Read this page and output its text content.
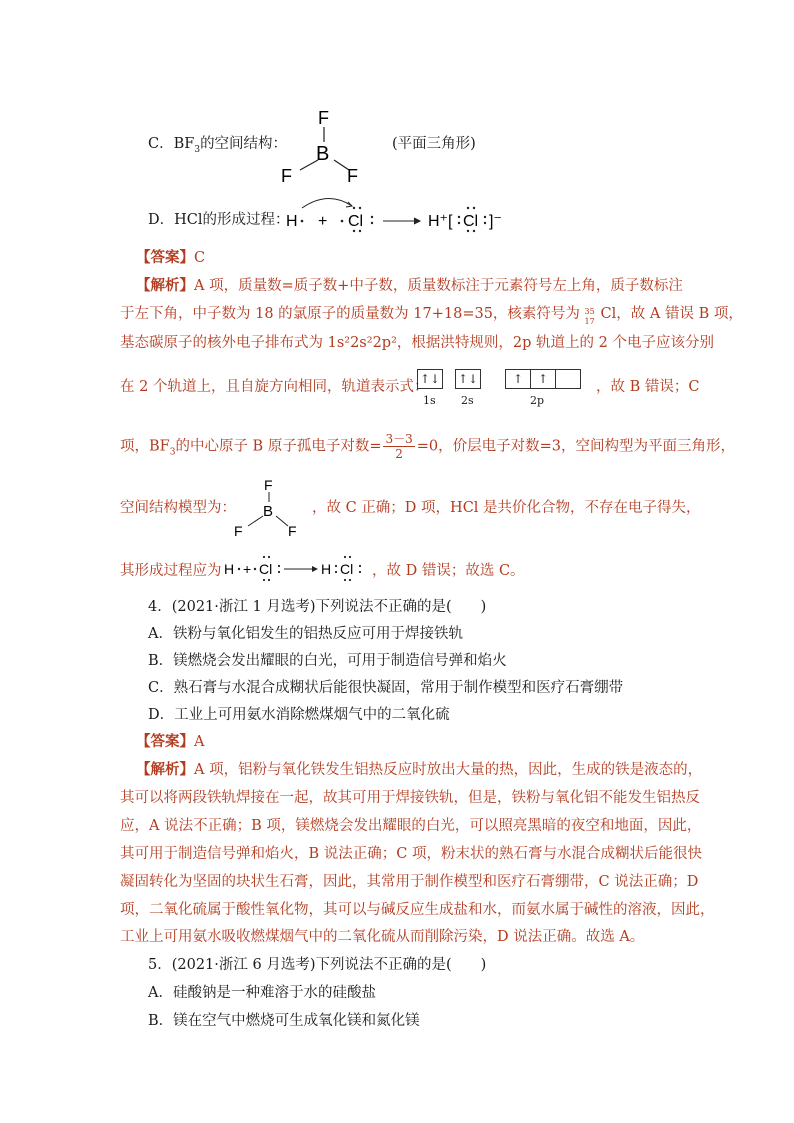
C．$BF_3$的空间结构：
F
B
F	F
(平面三角形)
D．HCl的形成过程：
H + Cl	H⁺[ Cl ]⁻
【答案】C
【解析】A 项，质量数=质子数+中子数，质量数标注于元素符号左上角，质子数标注
于左下角，中子数为 18 的氯原子的质量数为 17+18=35，核素符号为 35
17 Cl，故 A 错误 B 项，
基态碳原子的核外电子排布式为 1s²2s²2p²，根据洪特规则，2p 轨道上的 2 个电子应该分别
在 2 个轨道上，且自旋方向相同，轨道表示式：
↑↓ ↑↓	↑	↑
1s 2s	2p
，故 B 错误；C
项，$BF_3$的中心原子 B 原子孤电子对数= $\frac{3-3}{2} =0$，价层电子对数=3，空间构型为平面三角形，
空间结构模型为：
F
B
F	F
，故 C 正确；D 项，HCl 是共价化合物，不存在电子得失，
其形成过程应为 H + Cl	H Cl ，故 D 错误；故选 C。
4．(2021·浙江 1 月选考)下列说法不正确的是(　　)
A．铁粉与氧化铝发生的铝热反应可用于焊接铁轨
B．镁燃烧会发出耀眼的白光，可用于制造信号弹和焰火
C．熟石膏与水混合成糊状后能很快凝固，常用于制作模型和医疗石膏绷带
D．工业上可用氨水消除燃煤烟气中的二氧化硫
【答案】A
【解析】A 项，铝粉与氧化铁发生铝热反应时放出大量的热，因此，生成的铁是液态的，
其可以将两段铁轨焊接在一起，故其可用于焊接铁轨，但是，铁粉与氧化铝不能发生铝热反
应，A 说法不正确；B 项，镁燃烧会发出耀眼的白光，可以照亮黑暗的夜空和地面，因此，
其可用于制造信号弹和焰火，B 说法正确；C 项，粉末状的熟石膏与水混合成糊状后能很快
凝固转化为坚固的块状生石膏，因此，其常用于制作模型和医疗石膏绷带，C 说法正确；D
项，二氧化硫属于酸性氧化物，其可以与碱反应生成盐和水，而氨水属于碱性的溶液，因此，
工业上可用氨水吸收燃煤烟气中的二氧化硫从而削除污染，D 说法正确。故选 A。
5．(2021·浙江 6 月选考)下列说法不正确的是(　　)
A．硅酸钠是一种难溶于水的硅酸盐
B．镁在空气中燃烧可生成氧化镁和氮化镁
